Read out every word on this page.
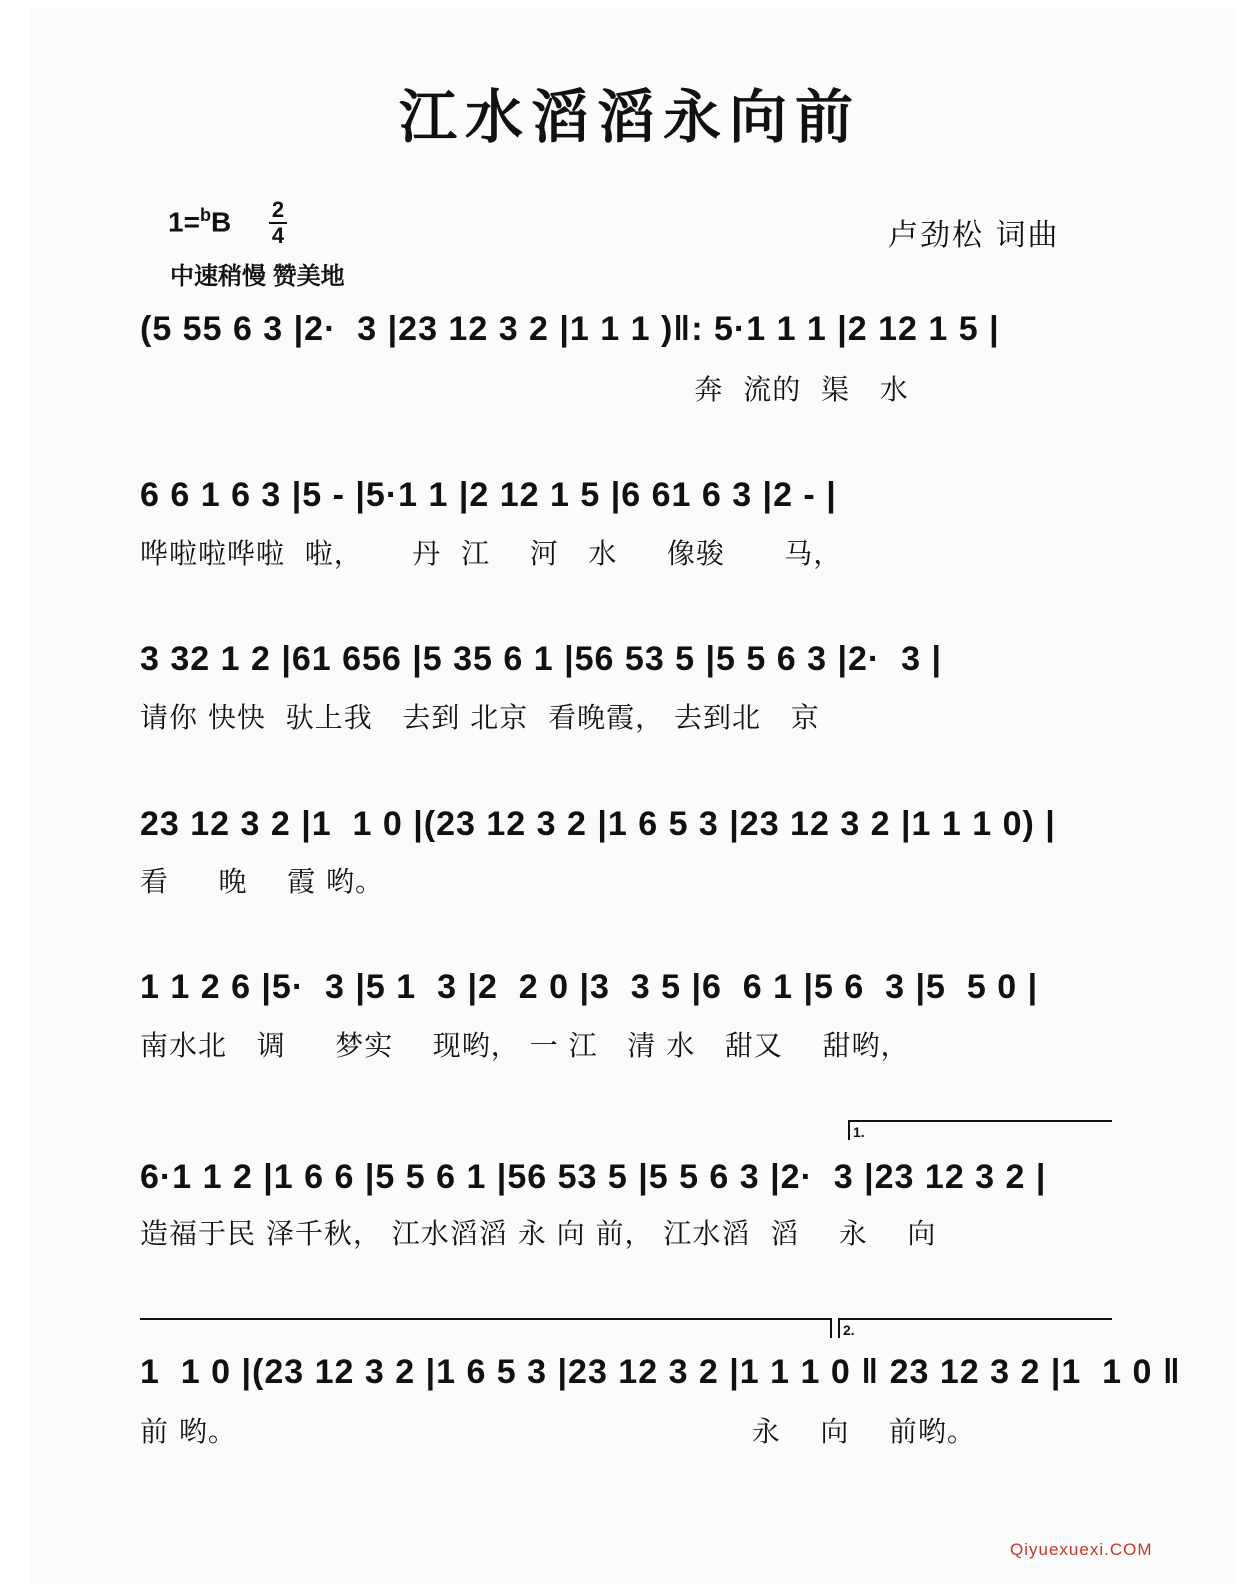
江水滔滔永向前
1=$^b$B 2
4
中速稍慢 赞美地
卢劲松 词曲
(5 55 6 3 |2·  3 |23 12 3 2 |1 1 1 )‖: 5·1 1 1 |2 12 1 5 |
奔  流的  渠   水
6 6 1 6 3 |5 - |5·1 1 |2 12 1 5 |6 61 6 3 |2 - |
哗啦啦哗啦  啦，     丹  江    河   水     像骏      马，
3 32 1 2 |61 656 |5 35 6 1 |56 53 5 |5 5 6 3 |2·  3 |
请你 快快  驮上我   去到 北京  看晚霞， 去到北   京
23 12 3 2 |1  1 0 |(23 12 3 2 |1 6 5 3 |23 12 3 2 |1 1 1 0) |
看     晚    霞 哟。
1 1 2 6 |5·  3 |5 1  3 |2  2 0 |3  3 5 |6  6 1 |5 6  3 |5  5 0 |
南水北   调     梦实    现哟， 一 江   清 水   甜又    甜哟，
1.
6·1 1 2 |1 6 6 |5 5 6 1 |56 53 5 |5 5 6 3 |2·  3 |23 12 3 2 |
造福于民 泽千秋， 江水滔滔 永 向 前， 江水滔  滔    永    向
2.
1  1 0 |(23 12 3 2 |1 6 5 3 |23 12 3 2 |1 1 1 0 ‖ 23 12 3 2 |1  1 0 ‖
前 哟。                                                    永    向    前哟。
Qiyuexuexi.COM
